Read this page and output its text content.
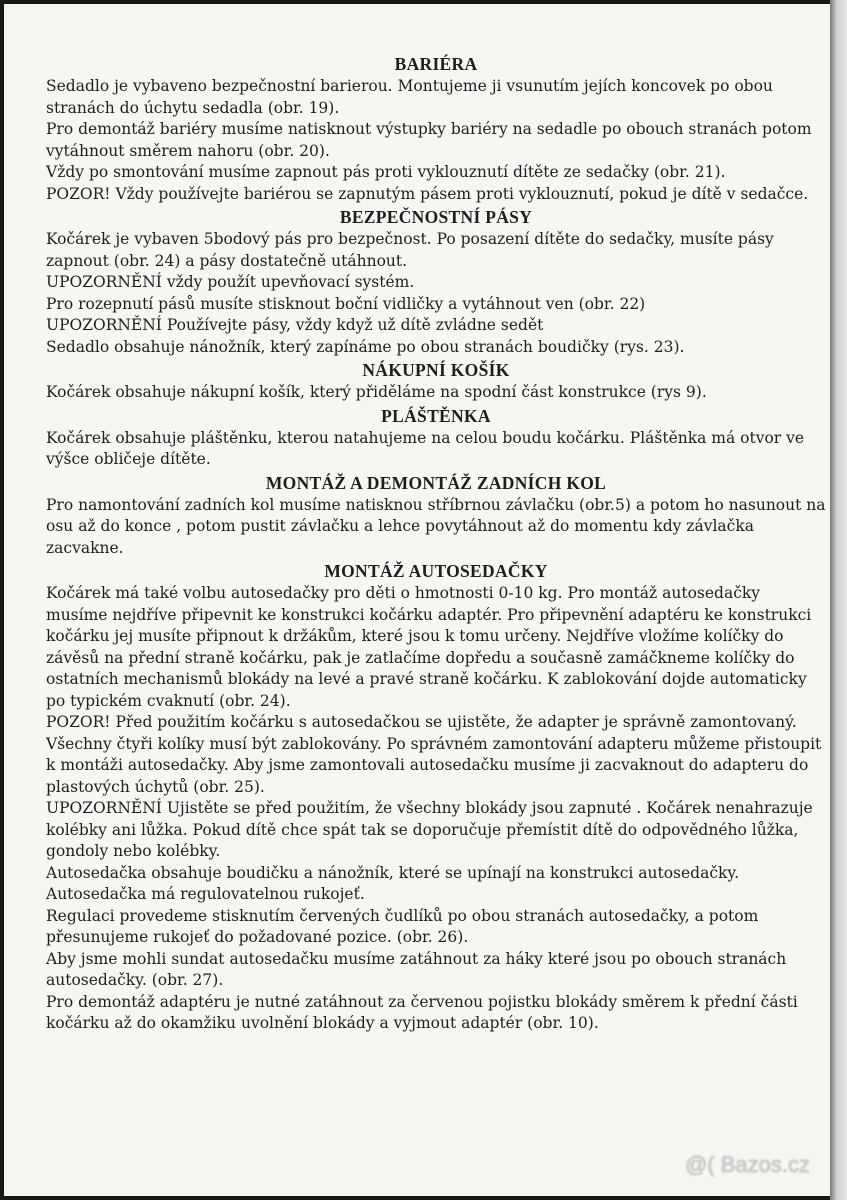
BARIÉRA

Sedadlo je vybaveno bezpečnostní barierou. Montujeme ji vsunutím jejích koncovek po obou stranách do úchytu sedadla (obr. 19).

Pro demontáž bariéry musíme natisknout výstupky bariéry na sedadle po obouch stranách potom vytáhnout směrem nahoru (obr. 20).

Vždy po smontování musíme zapnout pás proti vyklouznutí dítěte ze sedačky (obr. 21).

POZOR! Vždy používejte bariérou se zapnutým pásem proti vyklouznutí, pokud je dítě v sedačce.

BEZPEČNOSTNÍ PÁSY

Kočárek je vybaven 5bodový pás pro bezpečnost. Po posazení dítěte do sedačky, musíte pásy zapnout (obr. 24) a pásy dostatečně utáhnout.

UPOZORNĚNÍ vždy použít upevňovací systém.

Pro rozepnutí pásů musíte stisknout boční vidličky a vytáhnout ven (obr. 22)

UPOZORNĚNÍ Používejte pásy, vždy když už dítě zvládne sedět

Sedadlo obsahuje nánožník, který zapínáme po obou stranách boudičky (rys. 23).

NÁKUPNÍ KOŠÍK

Kočárek obsahuje nákupní košík, který přiděláme na spodní část konstrukce (rys 9).

PLÁŠTĚNKA

Kočárek obsahuje pláštěnku, kterou natahujeme na celou boudu kočárku. Pláštěnka má otvor ve výšce obličeje dítěte.

MONTÁŽ A DEMONTÁŽ ZADNÍCH KOL

Pro namontování zadních kol musíme natisknou stříbrnou závlačku (obr.5) a potom ho nasunout na osu až do konce , potom pustit závlačku a lehce povytáhnout až do momentu kdy závlačka zacvakne.

MONTÁŽ AUTOSEDAČKY

Kočárek má také volbu autosedačky pro děti o hmotnosti 0-10 kg. Pro montáž autosedačky musíme nejdříve připevnit ke konstrukci kočárku adaptér. Pro připevnění adaptéru ke konstrukci kočárku jej musíte připnout k držákům, které jsou k tomu určeny. Nejdříve vložíme kolíčky do závěsů na přední straně kočárku, pak je zatlačíme dopředu a současně zamáčkneme kolíčky do ostatních mechanismů blokády na levé a pravé straně kočárku. K zablokování dojde automaticky po typickém cvaknutí (obr. 24).

POZOR! Před použitím kočárku s autosedačkou se ujistěte, že adapter je správně zamontovaný. Všechny čtyři kolíky musí být zablokovány. Po správném zamontování adapteru můžeme přistoupit k montáži autosedačky. Aby jsme zamontovali autosedačku musíme ji zacvaknout do adapteru do plastových úchytů (obr. 25).

UPOZORNĚNÍ Ujistěte se před použitím, že všechny blokády jsou zapnuté . Kočárek nenahrazuje kolébky ani lůžka. Pokud dítě chce spát tak se doporučuje přemístit dítě do odpovědného lůžka, gondoly nebo kolébky.

Autosedačka obsahuje boudičku a nánožník, které se upínají na konstrukci autosedačky.

Autosedačka má regulovatelnou rukojeť.

Regulaci provedeme stisknutím červených čudlíků po obou stranách autosedačky, a potom přesunujeme rukojeť do požadované pozice. (obr. 26).

Aby jsme mohli sundat autosedačku musíme zatáhnout za háky které jsou po obouch stranách autosedačky. (obr. 27).

Pro demontáž adaptéru je nutné zatáhnout za červenou pojistku blokády směrem k přední části kočárku až do okamžiku uvolnění blokády a vyjmout adaptér (obr. 10).

@( Bazos.cz
